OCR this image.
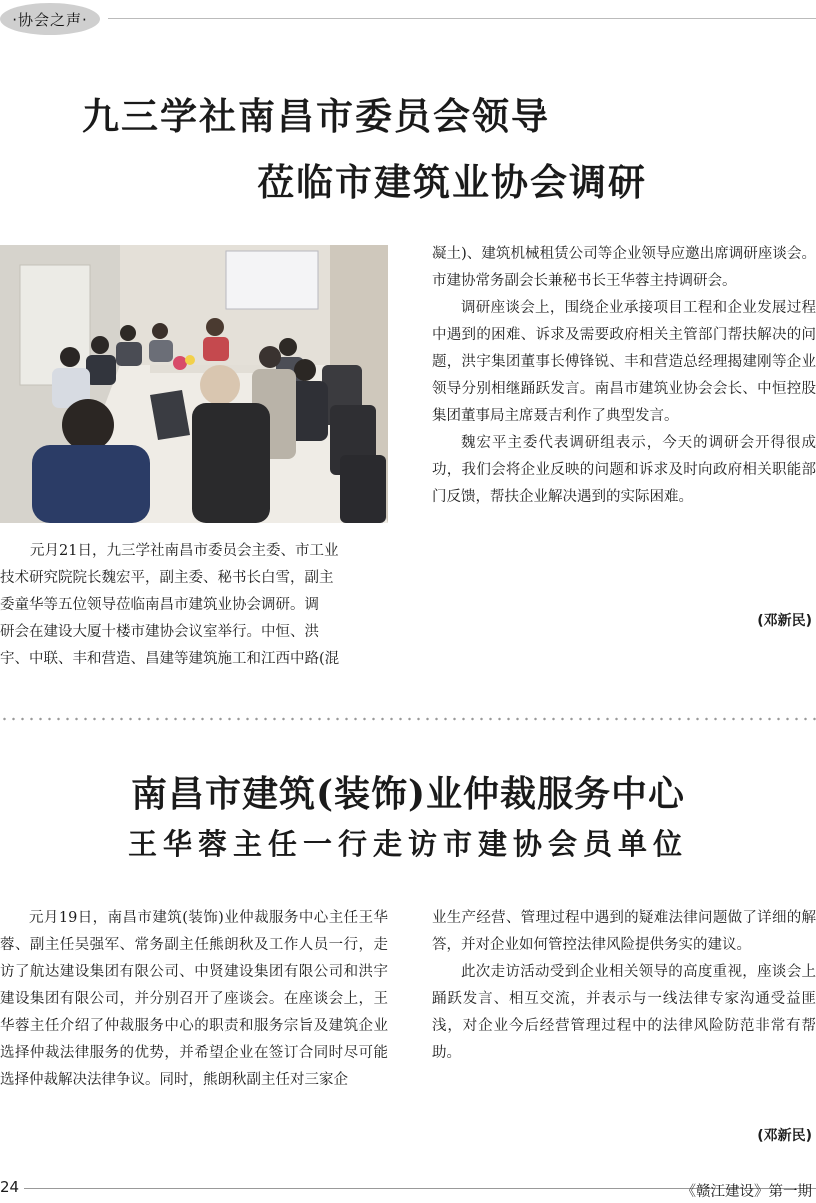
·协会之声·
九三学社南昌市委员会领导
莅临市建筑业协会调研
元月21日，九三学社南昌市委员会主委、市工业
技术研究院院长魏宏平，副主委、秘书长白雪，副主
委童华等五位领导莅临南昌市建筑业协会调研。调
研会在建设大厦十楼市建协会议室举行。中恒、洪
宇、中联、丰和营造、昌建等建筑施工和江西中路(混

凝土)、建筑机械租赁公司等企业领导应邀出席调研座谈会。市建协常务副会长兼秘书长王华蓉主持调研会。

调研座谈会上，围绕企业承接项目工程和企业发展过程中遇到的困难、诉求及需要政府相关主管部门帮扶解决的问题，洪宇集团董事长傅锋锐、丰和营造总经理揭建刚等企业领导分别相继踊跃发言。南昌市建筑业协会会长、中恒控股集团董事局主席聂吉利作了典型发言。

魏宏平主委代表调研组表示，今天的调研会开得很成功，我们会将企业反映的问题和诉求及时向政府相关职能部门反馈，帮扶企业解决遇到的实际困难。

(邓新民)
南昌市建筑(装饰)业仲裁服务中心
王华蓉主任一行走访市建协会员单位

元月19日，南昌市建筑(装饰)业仲裁服务中心主任王华蓉、副主任吴强军、常务副主任熊朗秋及工作人员一行，走访了航达建设集团有限公司、中贤建设集团有限公司和洪宇建设集团有限公司，并分别召开了座谈会。在座谈会上，王华蓉主任介绍了仲裁服务中心的职责和服务宗旨及建筑企业选择仲裁法律服务的优势，并希望企业在签订合同时尽可能选择仲裁解决法律争议。同时，熊朗秋副主任对三家企

业生产经营、管理过程中遇到的疑难法律问题做了详细的解答，并对企业如何管控法律风险提供务实的建议。

此次走访活动受到企业相关领导的高度重视，座谈会上踊跃发言、相互交流，并表示与一线法律专家沟通受益匪浅，对企业今后经营管理过程中的法律风险防范非常有帮助。

(邓新民)
24	《赣江建设》第一期
